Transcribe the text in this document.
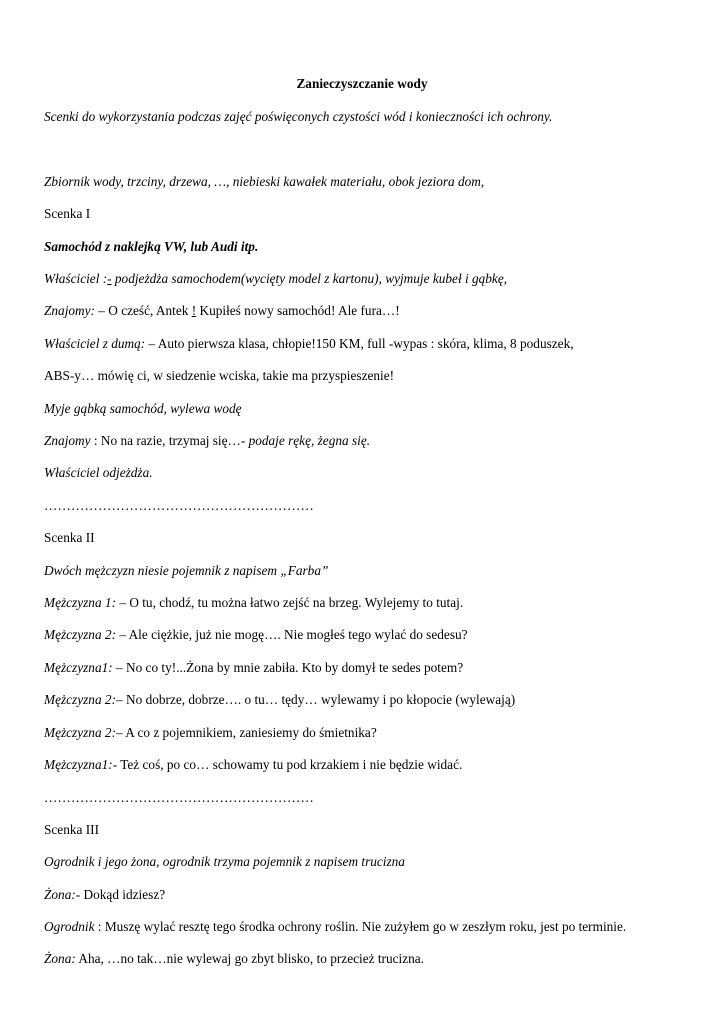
Zanieczyszczanie wody
Scenki do wykorzystania podczas zajęć poświęconych czystości wód i konieczności ich ochrony.
Zbiornik wody, trzciny, drzewa, …, niebieski kawałek materiału, obok jeziora dom,
Scenka I
Samochód z naklejką VW, lub Audi itp.
Właściciel :- podjeżdża samochodem(wycięty model z kartonu), wyjmuje kubeł i gąbkę,
Znajomy: – O cześć, Antek ! Kupiłeś nowy samochód! Ale fura…!
Właściciel z dumą: – Auto pierwsza klasa, chłopie!150 KM, full -wypas : skóra, klima, 8 poduszek,
ABS-y… mówię ci, w siedzenie wciska, takie ma przyspieszenie!
Myje gąbką samochód, wylewa wodę
Znajomy : No na razie, trzymaj się…- podaje rękę, żegna się.
Właściciel odjeżdża.
……………………………………………………
Scenka II
Dwóch mężczyzn niesie pojemnik z napisem „Farba”
Mężczyzna 1: – O tu, chodź, tu można łatwo zejść na brzeg. Wylejemy to tutaj.
Mężczyzna 2: – Ale ciężkie, już nie mogę…. Nie mogłeś tego wylać do sedesu?
Mężczyzna1: – No co ty!...Żona by mnie zabiła. Kto by domył te sedes potem?
Mężczyzna 2:– No dobrze, dobrze…. o tu… tędy… wylewamy i po kłopocie (wylewają)
Mężczyzna 2:– A co z pojemnikiem, zaniesiemy do śmietnika?
Mężczyzna1:- Też coś, po co… schowamy tu pod krzakiem i nie będzie widać.
……………………………………………………
Scenka III
Ogrodnik i jego żona, ogrodnik trzyma pojemnik z napisem trucizna
Żona:- Dokąd idziesz?
Ogrodnik : Muszę wylać resztę tego środka ochrony roślin. Nie zużyłem go w zeszłym roku, jest po terminie.
Żona: Aha, …no tak…nie wylewaj go zbyt blisko, to przecież trucizna.
